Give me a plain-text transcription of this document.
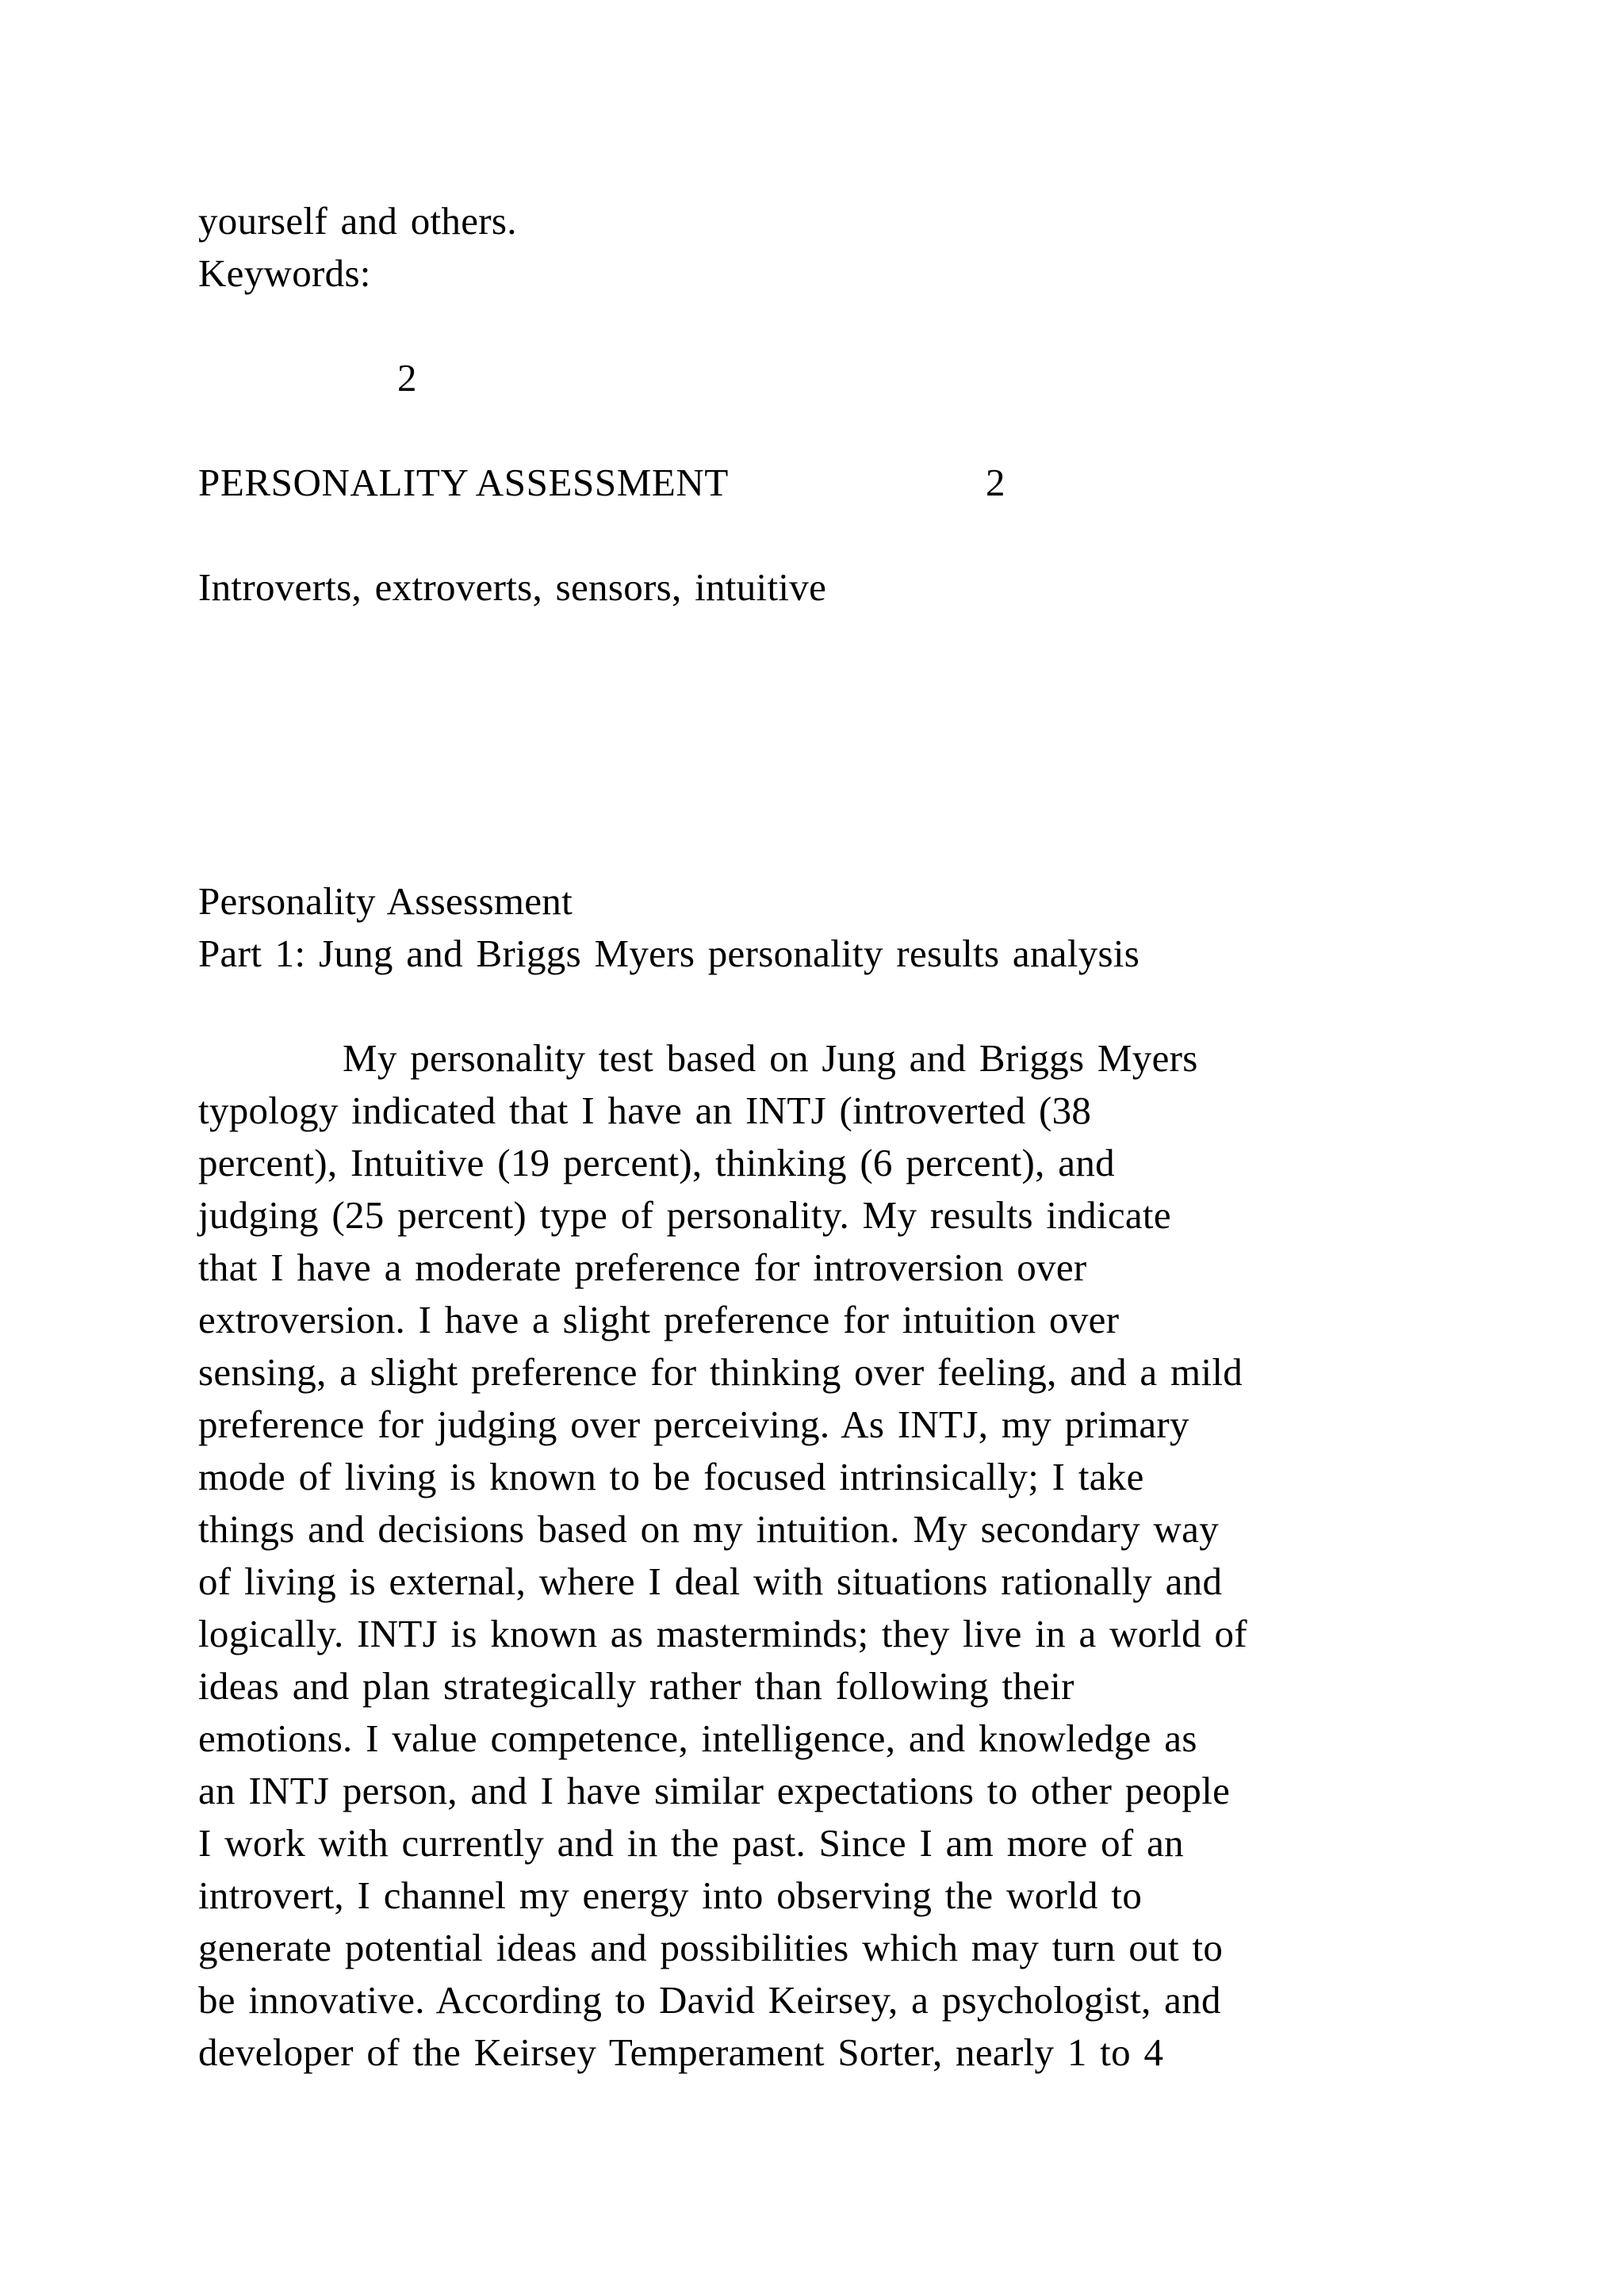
yourself and others.
Keywords:
2
PERSONALITY ASSESSMENT	2
Introverts, extroverts, sensors, intuitive
Personality Assessment
Part 1: Jung and Briggs Myers personality results analysis
My personality test based on Jung and Briggs Myers
typology indicated that I have an INTJ (introverted (38
percent), Intuitive (19 percent), thinking (6 percent), and
judging (25 percent) type of personality. My results indicate
that I have a moderate preference for introversion over
extroversion. I have a slight preference for intuition over
sensing, a slight preference for thinking over feeling, and a mild
preference for judging over perceiving. As INTJ, my primary
mode of living is known to be focused intrinsically; I take
things and decisions based on my intuition. My secondary way
of living is external, where I deal with situations rationally and
logically. INTJ is known as masterminds; they live in a world of
ideas and plan strategically rather than following their
emotions. I value competence, intelligence, and knowledge as
an INTJ person, and I have similar expectations to other people
I work with currently and in the past. Since I am more of an
introvert, I channel my energy into observing the world to
generate potential ideas and possibilities which may turn out to
be innovative. According to David Keirsey, a psychologist, and
developer of the Keirsey Temperament Sorter, nearly 1 to 4
